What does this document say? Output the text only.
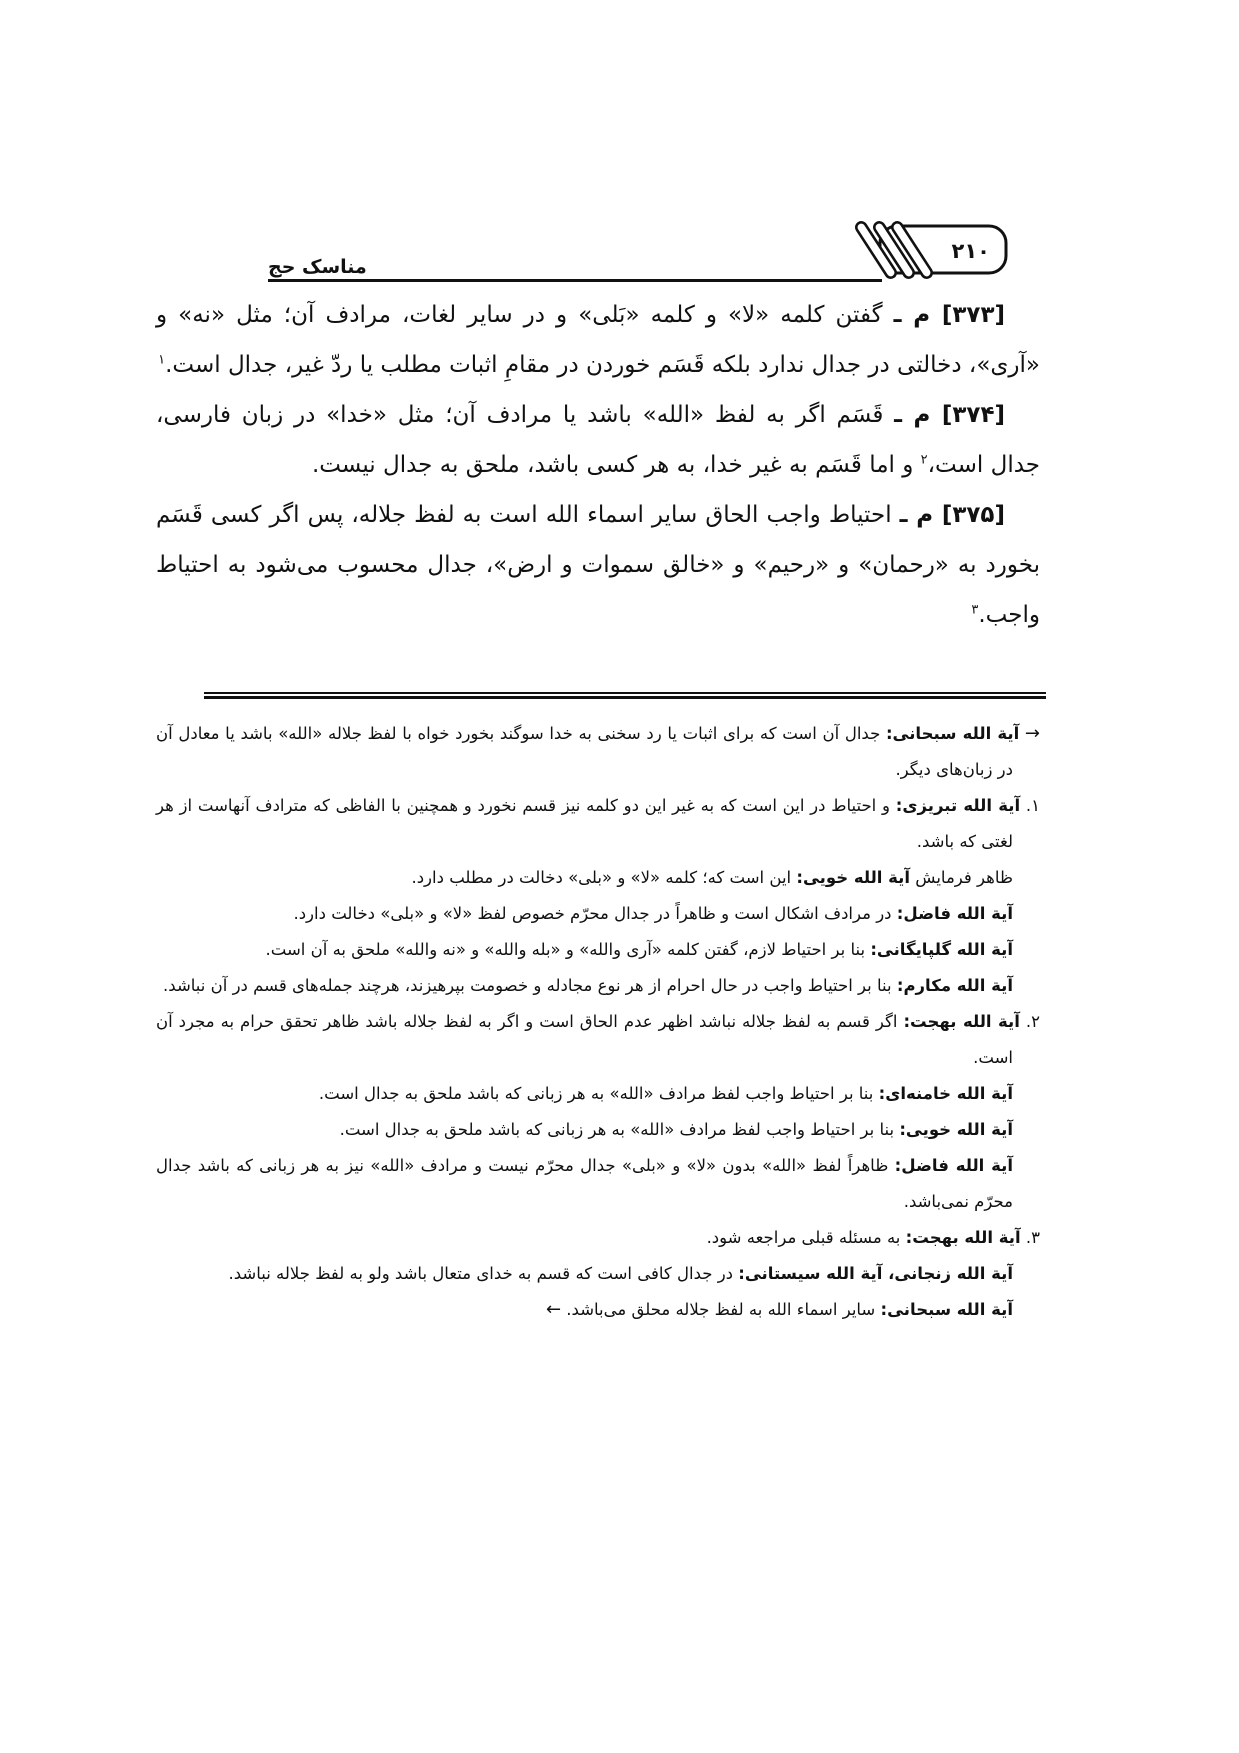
مناسک حج
۲۱۰

[۳۷۳] م ـ گفتن کلمه «لا» و کلمه «بَلی» و در سایر لغات، مرادف آن؛ مثل «نه» و «آری»، دخالتی در جدال ندارد بلکه قَسَم خوردن در مقامِ اثبات مطلب یا ردّ غیر، جدال است.$^۱$

[۳۷۴] م ـ قَسَم اگر به لفظ «الله» باشد یا مرادف آن؛ مثل «خدا» در زبان فارسی، جدال است،$^۲$ و اما قَسَم به غیر خدا، به هر کسی باشد، ملحق به جدال نیست.

[۳۷۵] م ـ احتیاط واجب الحاق سایر اسماء الله است به لفظ جلاله، پس اگر کسی قَسَم بخورد به «رحمان» و «رحیم» و «خالق سموات و ارض»، جدال محسوب می‌شود به احتیاط واجب.$^۳$

→ آیة الله سبحانی: جدال آن است که برای اثبات یا رد سخنی به خدا سوگند بخورد خواه با لفظ جلاله «الله» باشد یا معادل آن در زبان‌های دیگر.

۱. آیة الله تبریزی: و احتیاط در این است که به غیر این دو کلمه نیز قسم نخورد و همچنین با الفاظی که مترادف آنهاست از هر لغتی که باشد.

ظاهر فرمایش آیة الله خویی: این است که؛ کلمه «لا» و «بلی» دخالت در مطلب دارد.

آیة الله فاضل: در مرادف اشکال است و ظاهراً در جدال محرّم خصوص لفظ «لا» و «بلی» دخالت دارد.

آیة الله گلپایگانی: بنا بر احتیاط لازم، گفتن کلمه «آری والله» و «بله والله» و «نه والله» ملحق به آن است.

آیة الله مکارم: بنا بر احتیاط واجب در حال احرام از هر نوع مجادله و خصومت بپرهیزند، هرچند جمله‌های قسم در آن نباشد.

۲. آیة الله بهجت: اگر قسم به لفظ جلاله نباشد اظهر عدم الحاق است و اگر به لفظ جلاله باشد ظاهر تحقق حرام به مجرد آن است.

آیة الله خامنه‌ای: بنا بر احتیاط واجب لفظ مرادف «الله» به هر زبانی که باشد ملحق به جدال است.

آیة الله خویی: بنا بر احتیاط واجب لفظ مرادف «الله» به هر زبانی که باشد ملحق به جدال است.

آیة الله فاضل: ظاهراً لفظ «الله» بدون «لا» و «بلی» جدال محرّم نیست و مرادف «الله» نیز به هر زبانی که باشد جدال محرّم نمی‌باشد.

۳. آیة الله بهجت: به مسئله قبلی مراجعه شود.

آیة الله زنجانی، آیة الله سیستانی: در جدال کافی است که قسم به خدای متعال باشد ولو به لفظ جلاله نباشد.

آیة الله سبحانی: سایر اسماء الله به لفظ جلاله محلق می‌باشد. ←
